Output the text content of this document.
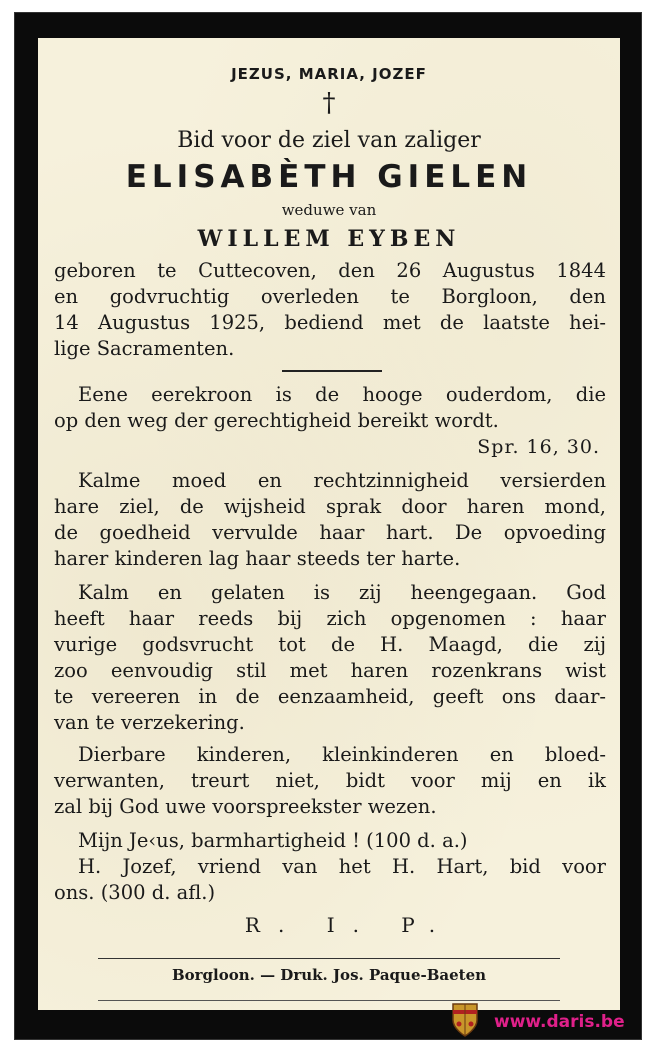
JEZUS, MARIA, JOZEF
†
Bid voor de ziel van zaliger
ELISABÈTH GIELEN
weduwe van
WILLEM EYBEN
geboren te Cuttecoven, den 26 Augustus 1844
en godvruchtig overleden te Borgloon, den
14 Augustus 1925, bediend met de laatste hei-
lige Sacramenten.
Eene eerekroon is de hooge ouderdom, die
op den weg der gerechtigheid bereikt wordt.
Spr. 16, 30.
Kalme moed en rechtzinnigheid versierden
hare ziel, de wijsheid sprak door haren mond,
de goedheid vervulde haar hart. De opvoeding
harer kinderen lag haar steeds ter harte.
Kalm en gelaten is zij heengegaan. God
heeft haar reeds bij zich opgenomen : haar
vurige godsvrucht tot de H. Maagd, die zij
zoo eenvoudig stil met haren rozenkrans wist
te vereeren in de eenzaamheid, geeft ons daar-
van te verzekering.
Dierbare kinderen, kleinkinderen en bloed-
verwanten, treurt niet, bidt voor mij en ik
zal bij God uwe voorspreekster wezen.
Mijn Je‹us, barmhartigheid ! (100 d. a.)
H. Jozef, vriend van het H. Hart, bid voor
ons. (300 d. afl.)
R. I. P.
Borgloon. — Druk. Jos. Paque-Baeten
www.daris.be
